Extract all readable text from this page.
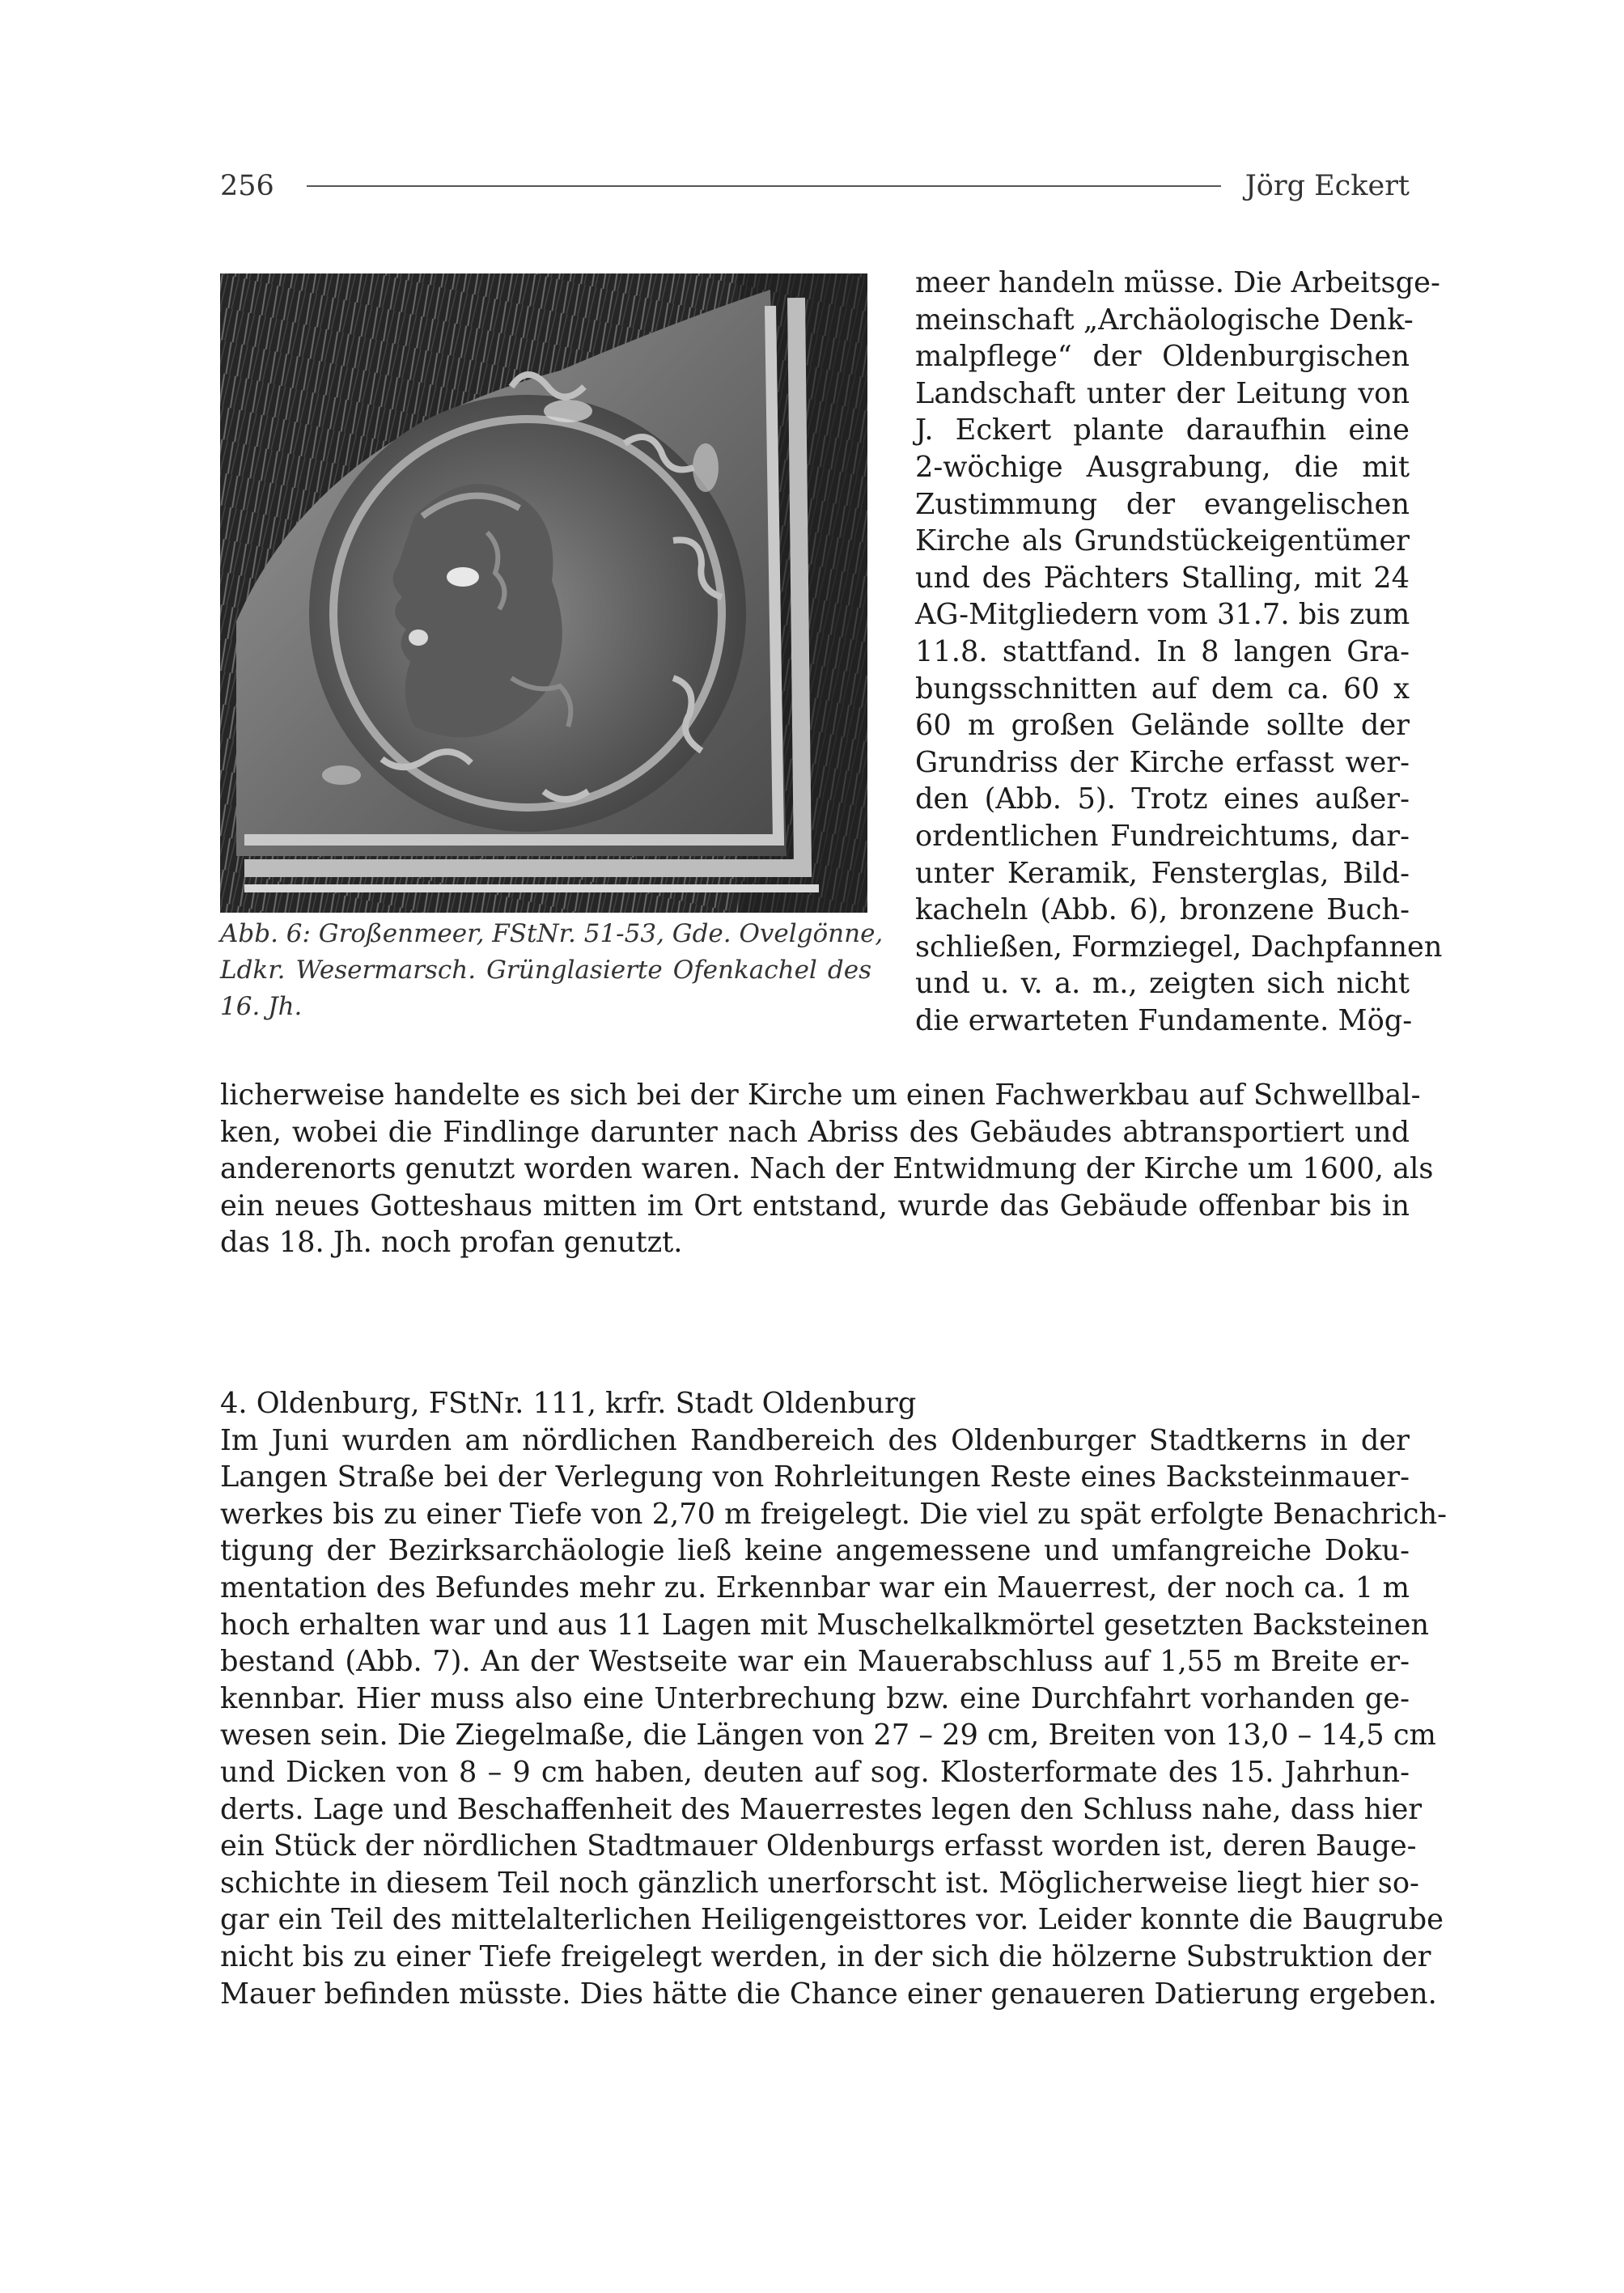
256	Jörg Eckert
Abb. 6: Großenmeer, FStNr. 51-53, Gde. Ovelgönne,
Ldkr. Wesermarsch. Grünglasierte Ofenkachel des
16. Jh.
meer handeln müsse. Die Arbeitsge-
meinschaft „Archäologische Denk-
malpflege“ der Oldenburgischen
Landschaft unter der Leitung von
J. Eckert plante daraufhin eine
2-wöchige Ausgrabung, die mit
Zustimmung der evangelischen
Kirche als Grundstückeigentümer
und des Pächters Stalling, mit 24
AG-Mitgliedern vom 31.7. bis zum
11.8. stattfand. In 8 langen Gra-
bungsschnitten auf dem ca. 60 x
60 m großen Gelände sollte der
Grundriss der Kirche erfasst wer-
den (Abb. 5). Trotz eines außer-
ordentlichen Fundreichtums, dar-
unter Keramik, Fensterglas, Bild-
kacheln (Abb. 6), bronzene Buch-
schließen, Formziegel, Dachpfannen
und u. v. a. m., zeigten sich nicht
die erwarteten Fundamente. Mög-
licherweise handelte es sich bei der Kirche um einen Fachwerkbau auf Schwellbal-
ken, wobei die Findlinge darunter nach Abriss des Gebäudes abtransportiert und
anderenorts genutzt worden waren. Nach der Entwidmung der Kirche um 1600, als
ein neues Gotteshaus mitten im Ort entstand, wurde das Gebäude offenbar bis in
das 18. Jh. noch profan genutzt.
4. Oldenburg, FStNr. 111, krfr. Stadt Oldenburg
Im Juni wurden am nördlichen Randbereich des Oldenburger Stadtkerns in der
Langen Straße bei der Verlegung von Rohrleitungen Reste eines Backsteinmauer-
werkes bis zu einer Tiefe von 2,70 m freigelegt. Die viel zu spät erfolgte Benachrich-
tigung der Bezirksarchäologie ließ keine angemessene und umfangreiche Doku-
mentation des Befundes mehr zu. Erkennbar war ein Mauerrest, der noch ca. 1 m
hoch erhalten war und aus 11 Lagen mit Muschelkalkmörtel gesetzten Backsteinen
bestand (Abb. 7). An der Westseite war ein Mauerabschluss auf 1,55 m Breite er-
kennbar. Hier muss also eine Unterbrechung bzw. eine Durchfahrt vorhanden ge-
wesen sein. Die Ziegelmaße, die Längen von 27 – 29 cm, Breiten von 13,0 – 14,5 cm
und Dicken von 8 – 9 cm haben, deuten auf sog. Klosterformate des 15. Jahrhun-
derts. Lage und Beschaffenheit des Mauerrestes legen den Schluss nahe, dass hier
ein Stück der nördlichen Stadtmauer Oldenburgs erfasst worden ist, deren Bauge-
schichte in diesem Teil noch gänzlich unerforscht ist. Möglicherweise liegt hier so-
gar ein Teil des mittelalterlichen Heiligengeisttores vor. Leider konnte die Baugrube
nicht bis zu einer Tiefe freigelegt werden, in der sich die hölzerne Substruktion der
Mauer befinden müsste. Dies hätte die Chance einer genaueren Datierung ergeben.
